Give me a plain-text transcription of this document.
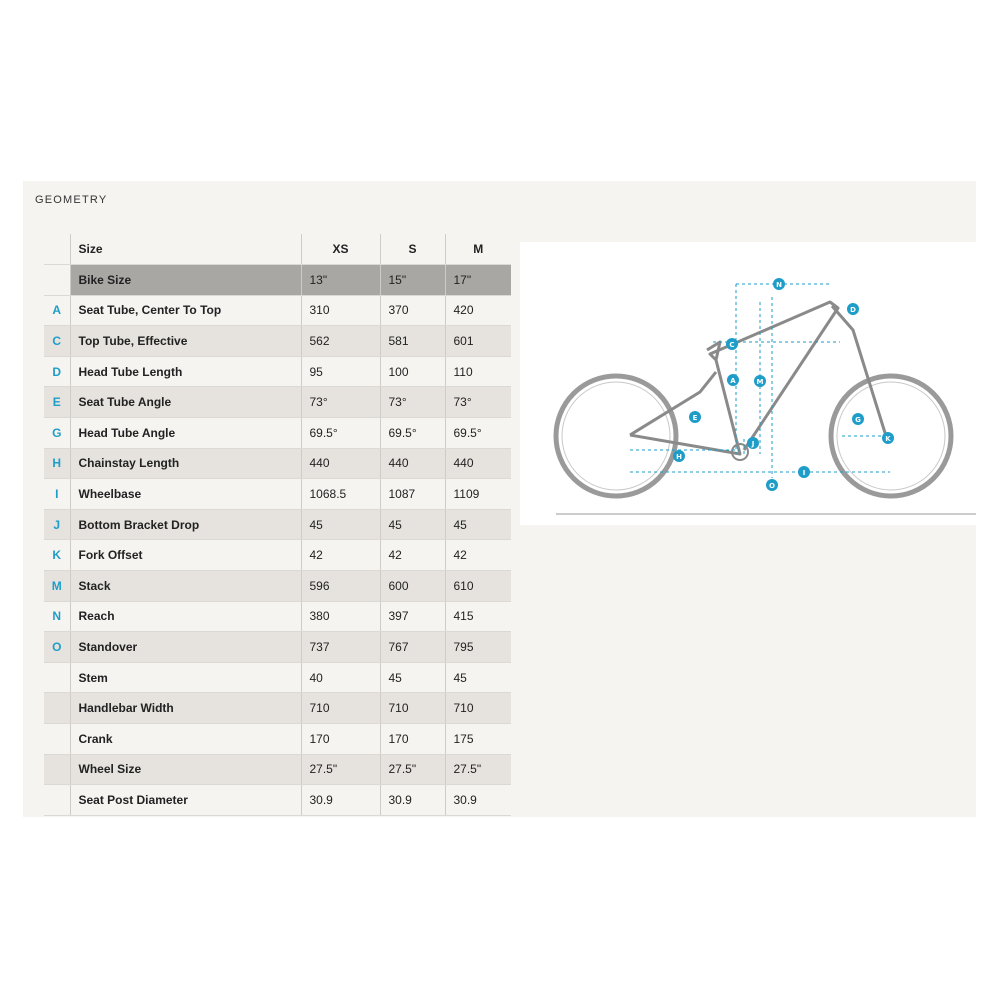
GEOMETRY
	Size	XS	S	M
	Bike Size	13"	15"	17"
A	Seat Tube, Center To Top	310	370	420
C	Top Tube, Effective	562	581	601
D	Head Tube Length	95	100	110
E	Seat Tube Angle	73°	73°	73°
G	Head Tube Angle	69.5°	69.5°	69.5°
H	Chainstay Length	440	440	440
I	Wheelbase	1068.5	1087	1109
J	Bottom Bracket Drop	45	45	45
K	Fork Offset	42	42	42
M	Stack	596	600	610
N	Reach	380	397	415
O	Standover	737	767	795
	Stem	40	45	45
	Handlebar Width	710	710	710
	Crank	170	170	175
	Wheel Size	27.5"	27.5"	27.5"
	Seat Post Diameter	30.9	30.9	30.9
N
D
C
A	M
E	G
K
J
H
I
O
